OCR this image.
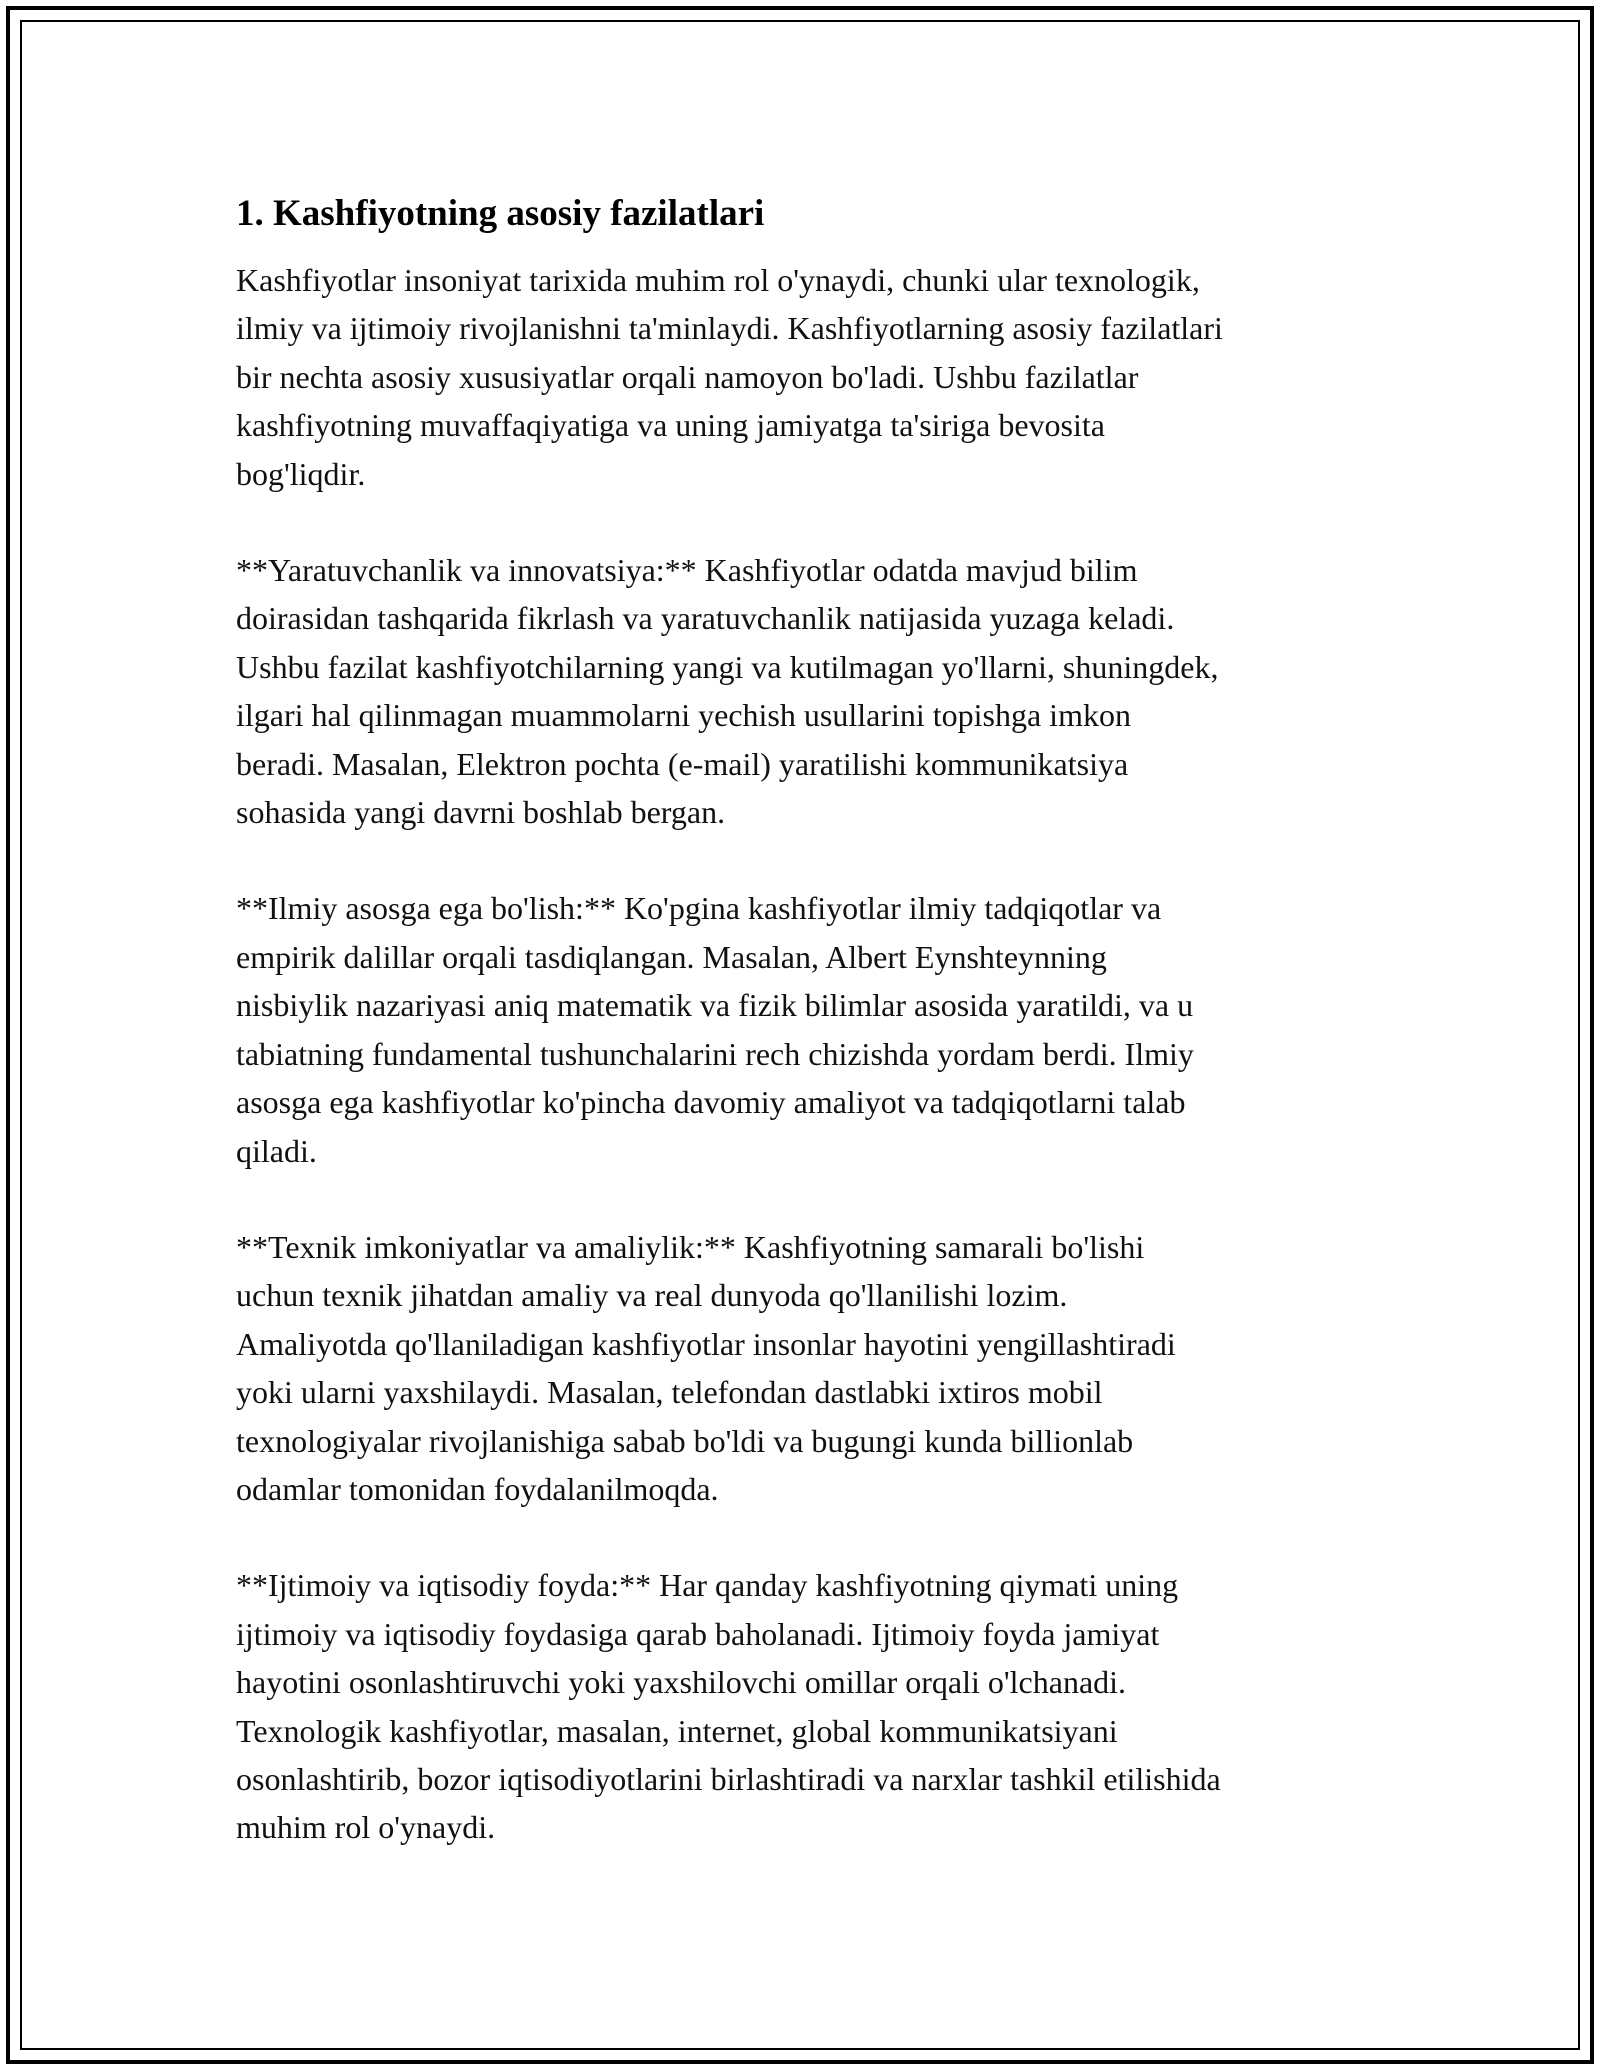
1. Kashfiyotning asosiy fazilatlari

Kashfiyotlar insoniyat tarixida muhim rol o'ynaydi, chunki ular texnologik,
ilmiy va ijtimoiy rivojlanishni ta'minlaydi. Kashfiyotlarning asosiy fazilatlari
bir nechta asosiy xususiyatlar orqali namoyon bo'ladi. Ushbu fazilatlar
kashfiyotning muvaffaqiyatiga va uning jamiyatga ta'siriga bevosita
bog'liqdir.

**Yaratuvchanlik va innovatsiya:** Kashfiyotlar odatda mavjud bilim
doirasidan tashqarida fikrlash va yaratuvchanlik natijasida yuzaga keladi.
Ushbu fazilat kashfiyotchilarning yangi va kutilmagan yo'llarni, shuningdek,
ilgari hal qilinmagan muammolarni yechish usullarini topishga imkon
beradi. Masalan, Elektron pochta (e-mail) yaratilishi kommunikatsiya
sohasida yangi davrni boshlab bergan.

**Ilmiy asosga ega bo'lish:** Ko'pgina kashfiyotlar ilmiy tadqiqotlar va
empirik dalillar orqali tasdiqlangan. Masalan, Albert Eynshteynning
nisbiylik nazariyasi aniq matematik va fizik bilimlar asosida yaratildi, va u
tabiatning fundamental tushunchalarini rech chizishda yordam berdi. Ilmiy
asosga ega kashfiyotlar ko'pincha davomiy amaliyot va tadqiqotlarni talab
qiladi.

**Texnik imkoniyatlar va amaliylik:** Kashfiyotning samarali bo'lishi
uchun texnik jihatdan amaliy va real dunyoda qo'llanilishi lozim.
Amaliyotda qo'llaniladigan kashfiyotlar insonlar hayotini yengillashtiradi
yoki ularni yaxshilaydi. Masalan, telefondan dastlabki ixtiros mobil
texnologiyalar rivojlanishiga sabab bo'ldi va bugungi kunda billionlab
odamlar tomonidan foydalanilmoqda.

**Ijtimoiy va iqtisodiy foyda:** Har qanday kashfiyotning qiymati uning
ijtimoiy va iqtisodiy foydasiga qarab baholanadi. Ijtimoiy foyda jamiyat
hayotini osonlashtiruvchi yoki yaxshilovchi omillar orqali o'lchanadi.
Texnologik kashfiyotlar, masalan, internet, global kommunikatsiyani
osonlashtirib, bozor iqtisodiyotlarini birlashtiradi va narxlar tashkil etilishida
muhim rol o'ynaydi.
